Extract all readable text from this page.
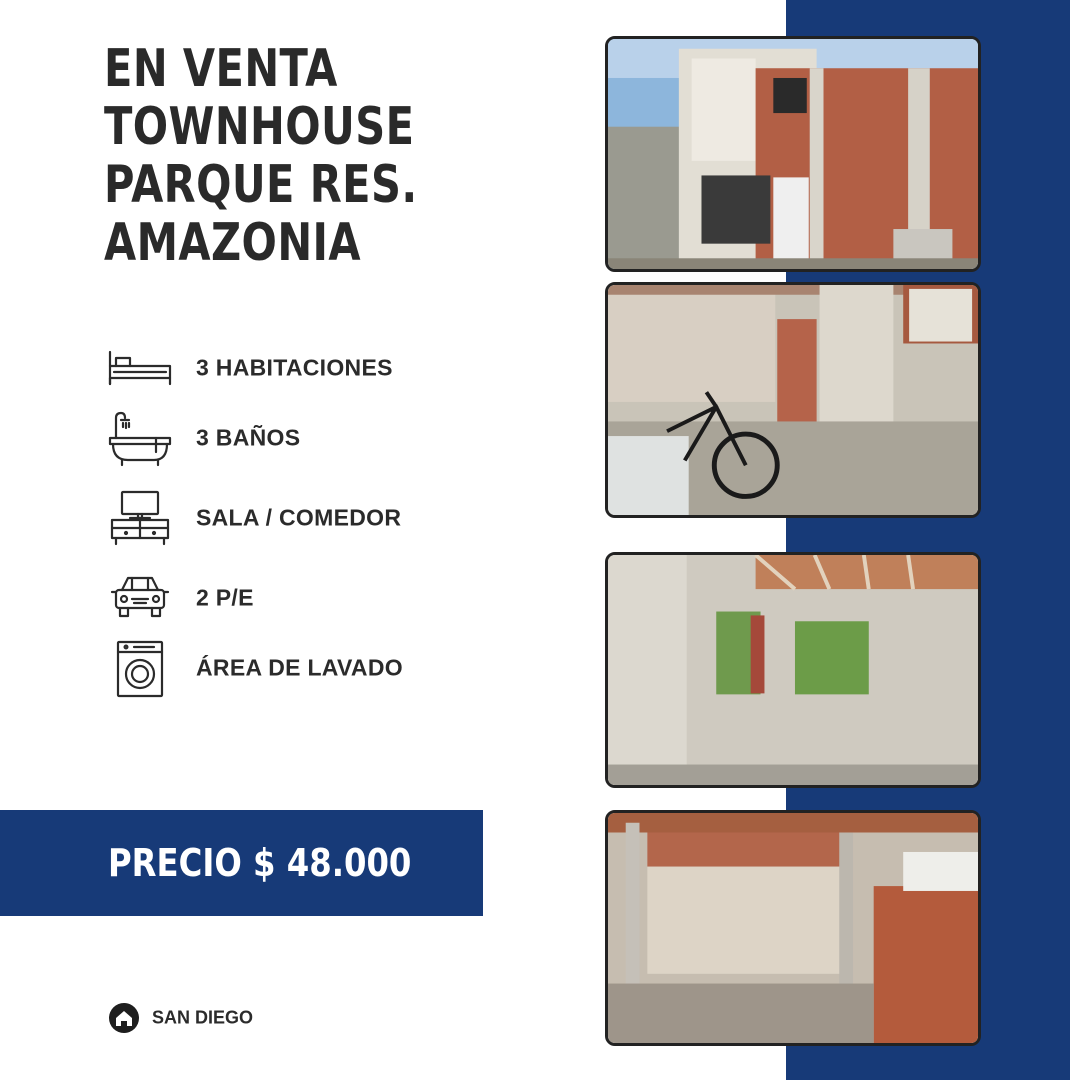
EN VENTA
TOWNHOUSE
PARQUE RES.
AMAZONIA
3 HABITACIONES
3 BAÑOS
SALA / COMEDOR
2 P/E
ÁREA DE LAVADO
PRECIO $ 48.000
SAN DIEGO
